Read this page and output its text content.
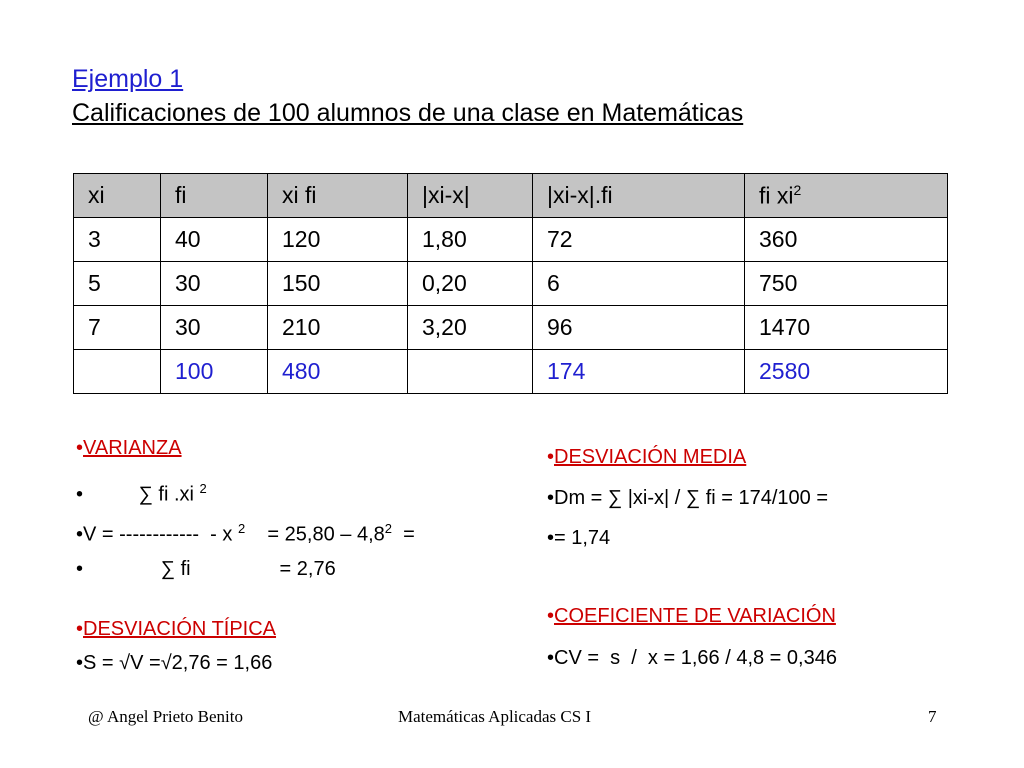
Ejemplo 1
Calificaciones de 100 alumnos de una clase en Matemáticas
xi	fi	xi fi	|xi-x|	|xi-x|.fi	fi $xi^2$
3	40	120	1,80	72	360
5	30	150	0,20	6	750
7	30	210	3,20	96	1470
	100	480		174	2580
•VARIANZA
•          ∑ fi .xi $^2$
•V = ------------  - x $^2$    = $25,80 - 4,8^2$  =
•              ∑ fi                = 2,76
•DESVIACIÓN TÍPICA
•S = √V =√2,76 = 1,66
•DESVIACIÓN MEDIA
•Dm = ∑ |xi-x| / ∑ fi = 174/100 =
•= 1,74
•COEFICIENTE DE VARIACIÓN
•CV =  s  /  x = 1,66 / 4,8 = 0,346
@ Angel Prieto Benito	Matemáticas Aplicadas CS I	7
